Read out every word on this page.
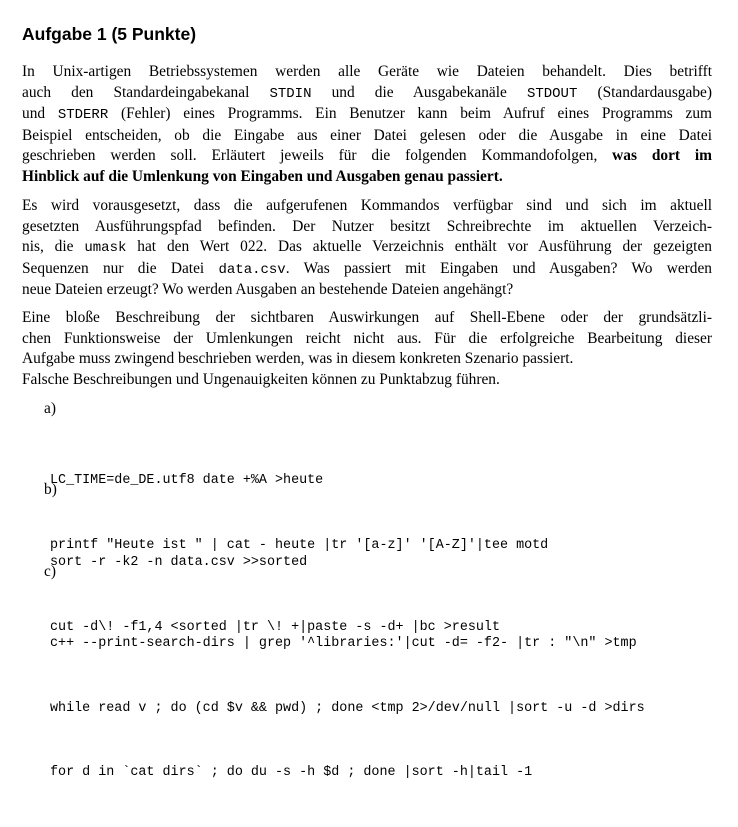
Aufgabe 1 (5 Punkte)
In Unix-artigen Betriebssystemen werden alle Geräte wie Dateien behandelt. Dies betrifft
auch den Standardeingabekanal STDIN und die Ausgabekanäle STDOUT (Standardausgabe)
und STDERR (Fehler) eines Programms. Ein Benutzer kann beim Aufruf eines Programms zum
Beispiel entscheiden, ob die Eingabe aus einer Datei gelesen oder die Ausgabe in eine Datei
geschrieben werden soll. Erläutert jeweils für die folgenden Kommandofolgen, was dort im
Hinblick auf die Umlenkung von Eingaben und Ausgaben genau passiert.
Es wird vorausgesetzt, dass die aufgerufenen Kommandos verfügbar sind und sich im aktuell
gesetzten Ausführungspfad befinden. Der Nutzer besitzt Schreibrechte im aktuellen Verzeich-
nis, die umask hat den Wert 022. Das aktuelle Verzeichnis enthält vor Ausführung der gezeigten
Sequenzen nur die Datei data.csv. Was passiert mit Eingaben und Ausgaben? Wo werden
neue Dateien erzeugt? Wo werden Ausgaben an bestehende Dateien angehängt?
Eine bloße Beschreibung der sichtbaren Auswirkungen auf Shell-Ebene oder der grundsätzli-
chen Funktionsweise der Umlenkungen reicht nicht aus. Für die erfolgreiche Bearbeitung dieser
Aufgabe muss zwingend beschrieben werden, was in diesem konkreten Szenario passiert.
Falsche Beschreibungen und Ungenauigkeiten können zu Punktabzug führen.
a)

LC_TIME=de_DE.utf8 date +%A >heute

printf "Heute ist " | cat - heute |tr '[a-z]' '[A-Z]'|tee motd

b)

sort -r -k2 -n data.csv >>sorted

cut -d\! -f1,4 <sorted |tr \! +|paste -s -d+ |bc >result

c)

c++ --print-search-dirs | grep '^libraries:'|cut -d= -f2- |tr : "\n" >tmp

while read v ; do (cd $v && pwd) ; done <tmp 2>/dev/null |sort -u -d >dirs

for d in `cat dirs` ; do du -s -h $d ; done |sort -h|tail -1
